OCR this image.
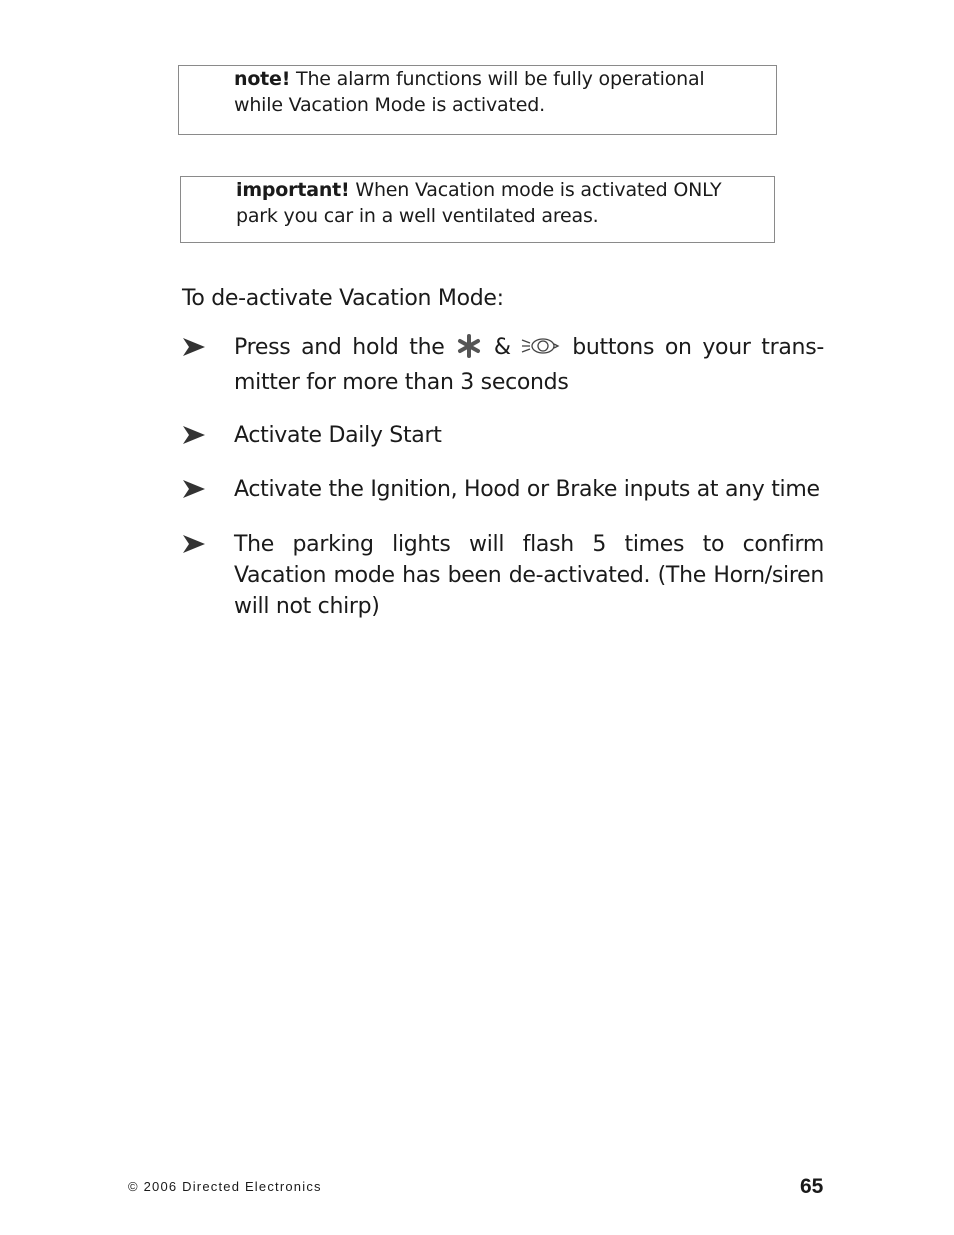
note! The alarm functions will be fully operational while Vacation Mode is activated.
important! When Vacation mode is activated ONLY park you car in a well ventilated areas.
To de-activate Vacation Mode:
Press and hold the  &  buttons on your trans-mitter for more than 3 seconds
Activate Daily Start
Activate the Ignition, Hood or Brake inputs at any time
The parking lights will flash 5 times to confirm Vacation mode has been de-activated. (The Horn/siren will not chirp)
© 2006 Directed Electronics	65
